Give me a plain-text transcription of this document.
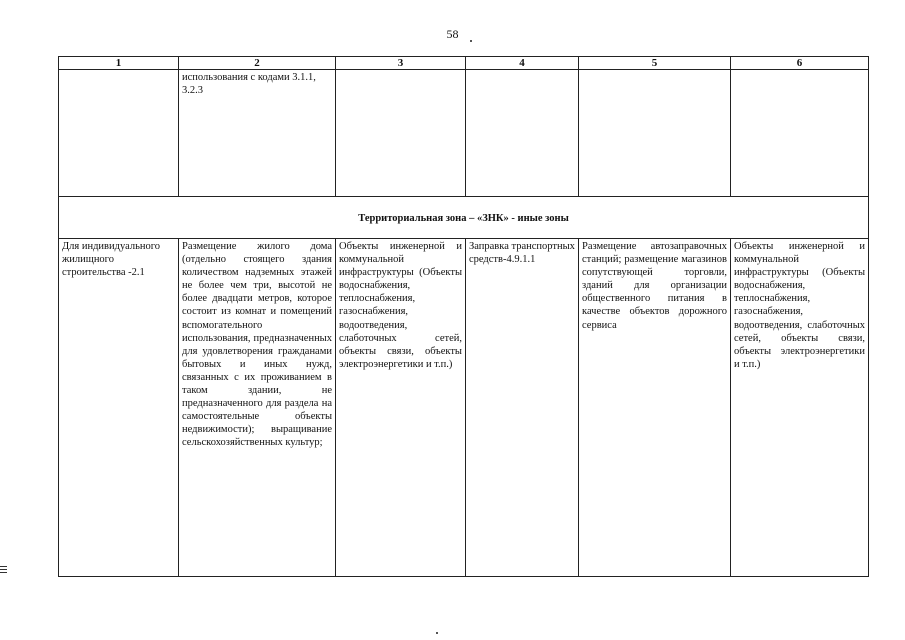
58
1	2	3	4	5	6
	использования с кодами 3.1.1, 3.2.3				
Территориальная зона – «ЗНК» - иные зоны					
Для индивидуального жилищного строительства -2.1	Размещение жилого дома (отдельно стоящего здания количеством надземных этажей не более чем три, высотой не более двадцати метров, которое состоит из комнат и помещений вспомогательного использования, предназначенных для удовлетворения гражданами бытовых и иных нужд, связанных с их проживанием в таком здании, не предназначенного для раздела на самостоятельные объекты недвижимости); выращивание сельскохозяйственных культур;	Объекты инженерной и коммунальной инфраструктуры (Объекты водоснабжения, теплоснабжения, газоснабжения, водоотведения, слаботочных сетей, объекты связи, объекты электроэнергетики и т.п.)	Заправка транспортных средств-4.9.1.1	Размещение автозаправочных станций; размещение магазинов сопутствующей торговли, зданий для организации общественного питания в качестве объектов дорожного сервиса	Объекты инженерной и коммунальной инфраструктуры (Объекты водоснабжения, теплоснабжения, газоснабжения, водоотведения, слаботочных сетей, объекты связи, объекты электроэнергетики и т.п.)
